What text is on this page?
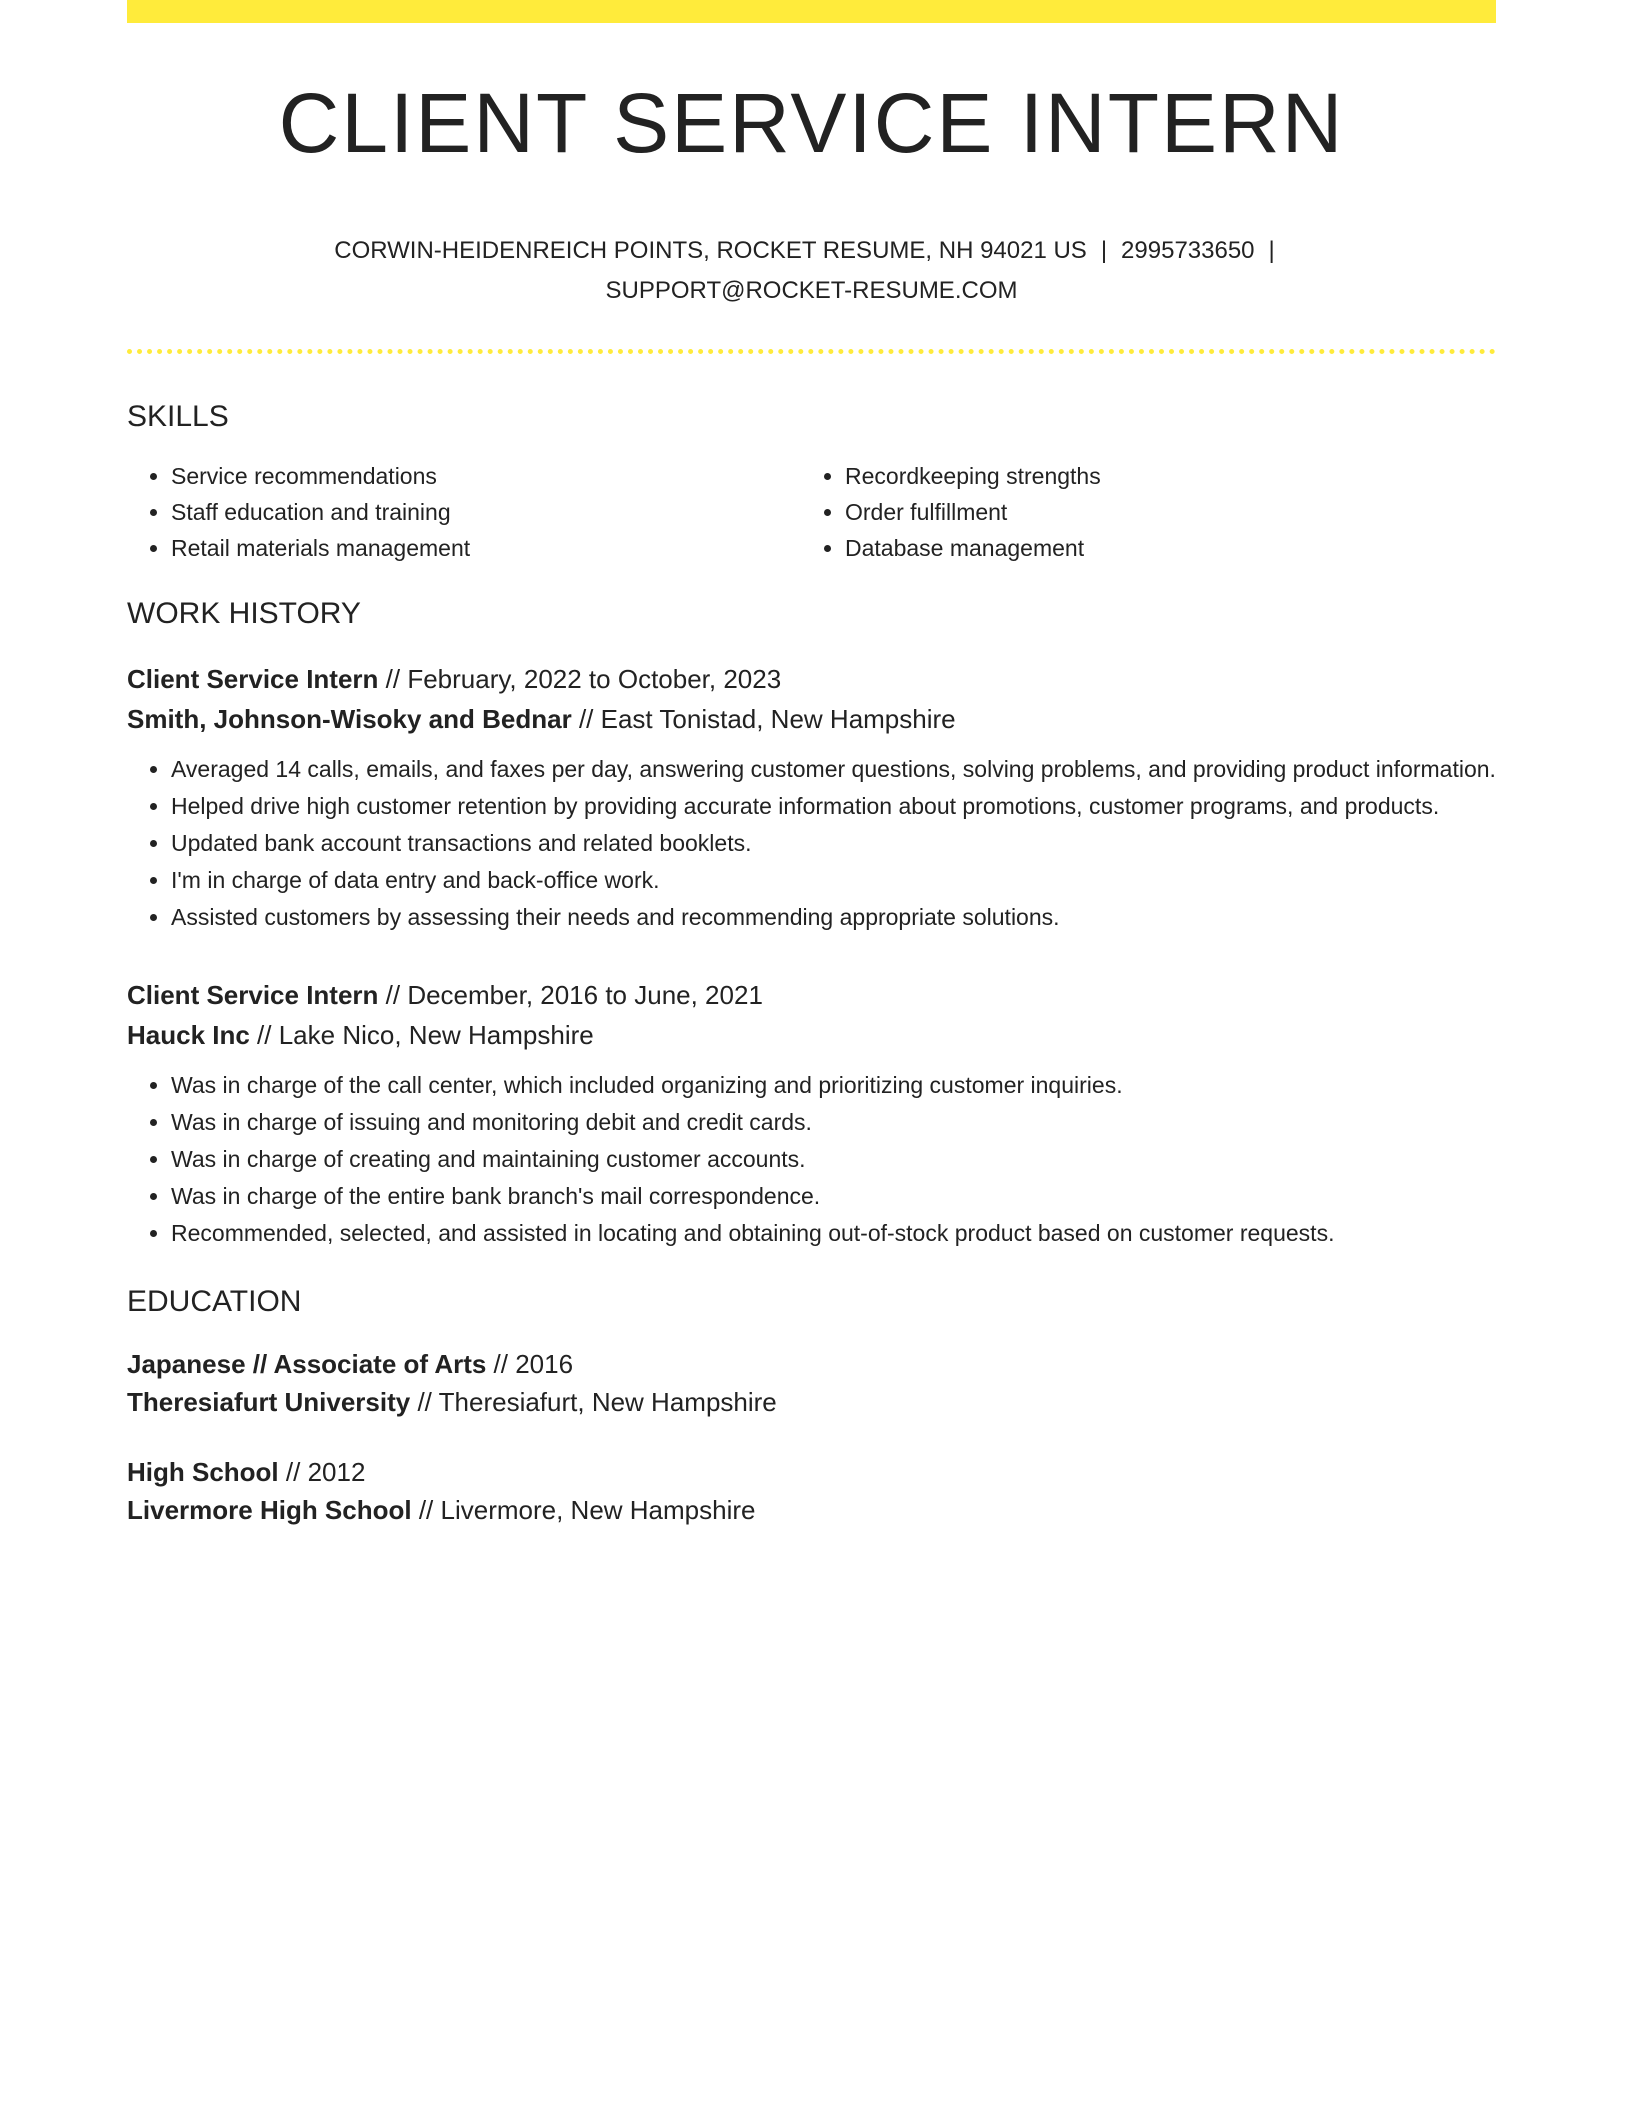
CLIENT SERVICE INTERN
CORWIN-HEIDENREICH POINTS, ROCKET RESUME, NH 94021 US | 2995733650 |
SUPPORT@ROCKET-RESUME.COM
SKILLS
• Service recommendations
• Staff education and training
• Retail materials management
• Recordkeeping strengths
• Order fulfillment
• Database management
WORK HISTORY
Client Service Intern // February, 2022 to October, 2023
Smith, Johnson-Wisoky and Bednar // East Tonistad, New Hampshire
• Averaged 14 calls, emails, and faxes per day, answering customer questions, solving problems, and providing product information.
• Helped drive high customer retention by providing accurate information about promotions, customer programs, and products.
• Updated bank account transactions and related booklets.
• I'm in charge of data entry and back-office work.
• Assisted customers by assessing their needs and recommending appropriate solutions.
Client Service Intern // December, 2016 to June, 2021
Hauck Inc // Lake Nico, New Hampshire
• Was in charge of the call center, which included organizing and prioritizing customer inquiries.
• Was in charge of issuing and monitoring debit and credit cards.
• Was in charge of creating and maintaining customer accounts.
• Was in charge of the entire bank branch's mail correspondence.
• Recommended, selected, and assisted in locating and obtaining out-of-stock product based on customer requests.
EDUCATION
Japanese // Associate of Arts // 2016
Theresiafurt University // Theresiafurt, New Hampshire
High School // 2012
Livermore High School // Livermore, New Hampshire
